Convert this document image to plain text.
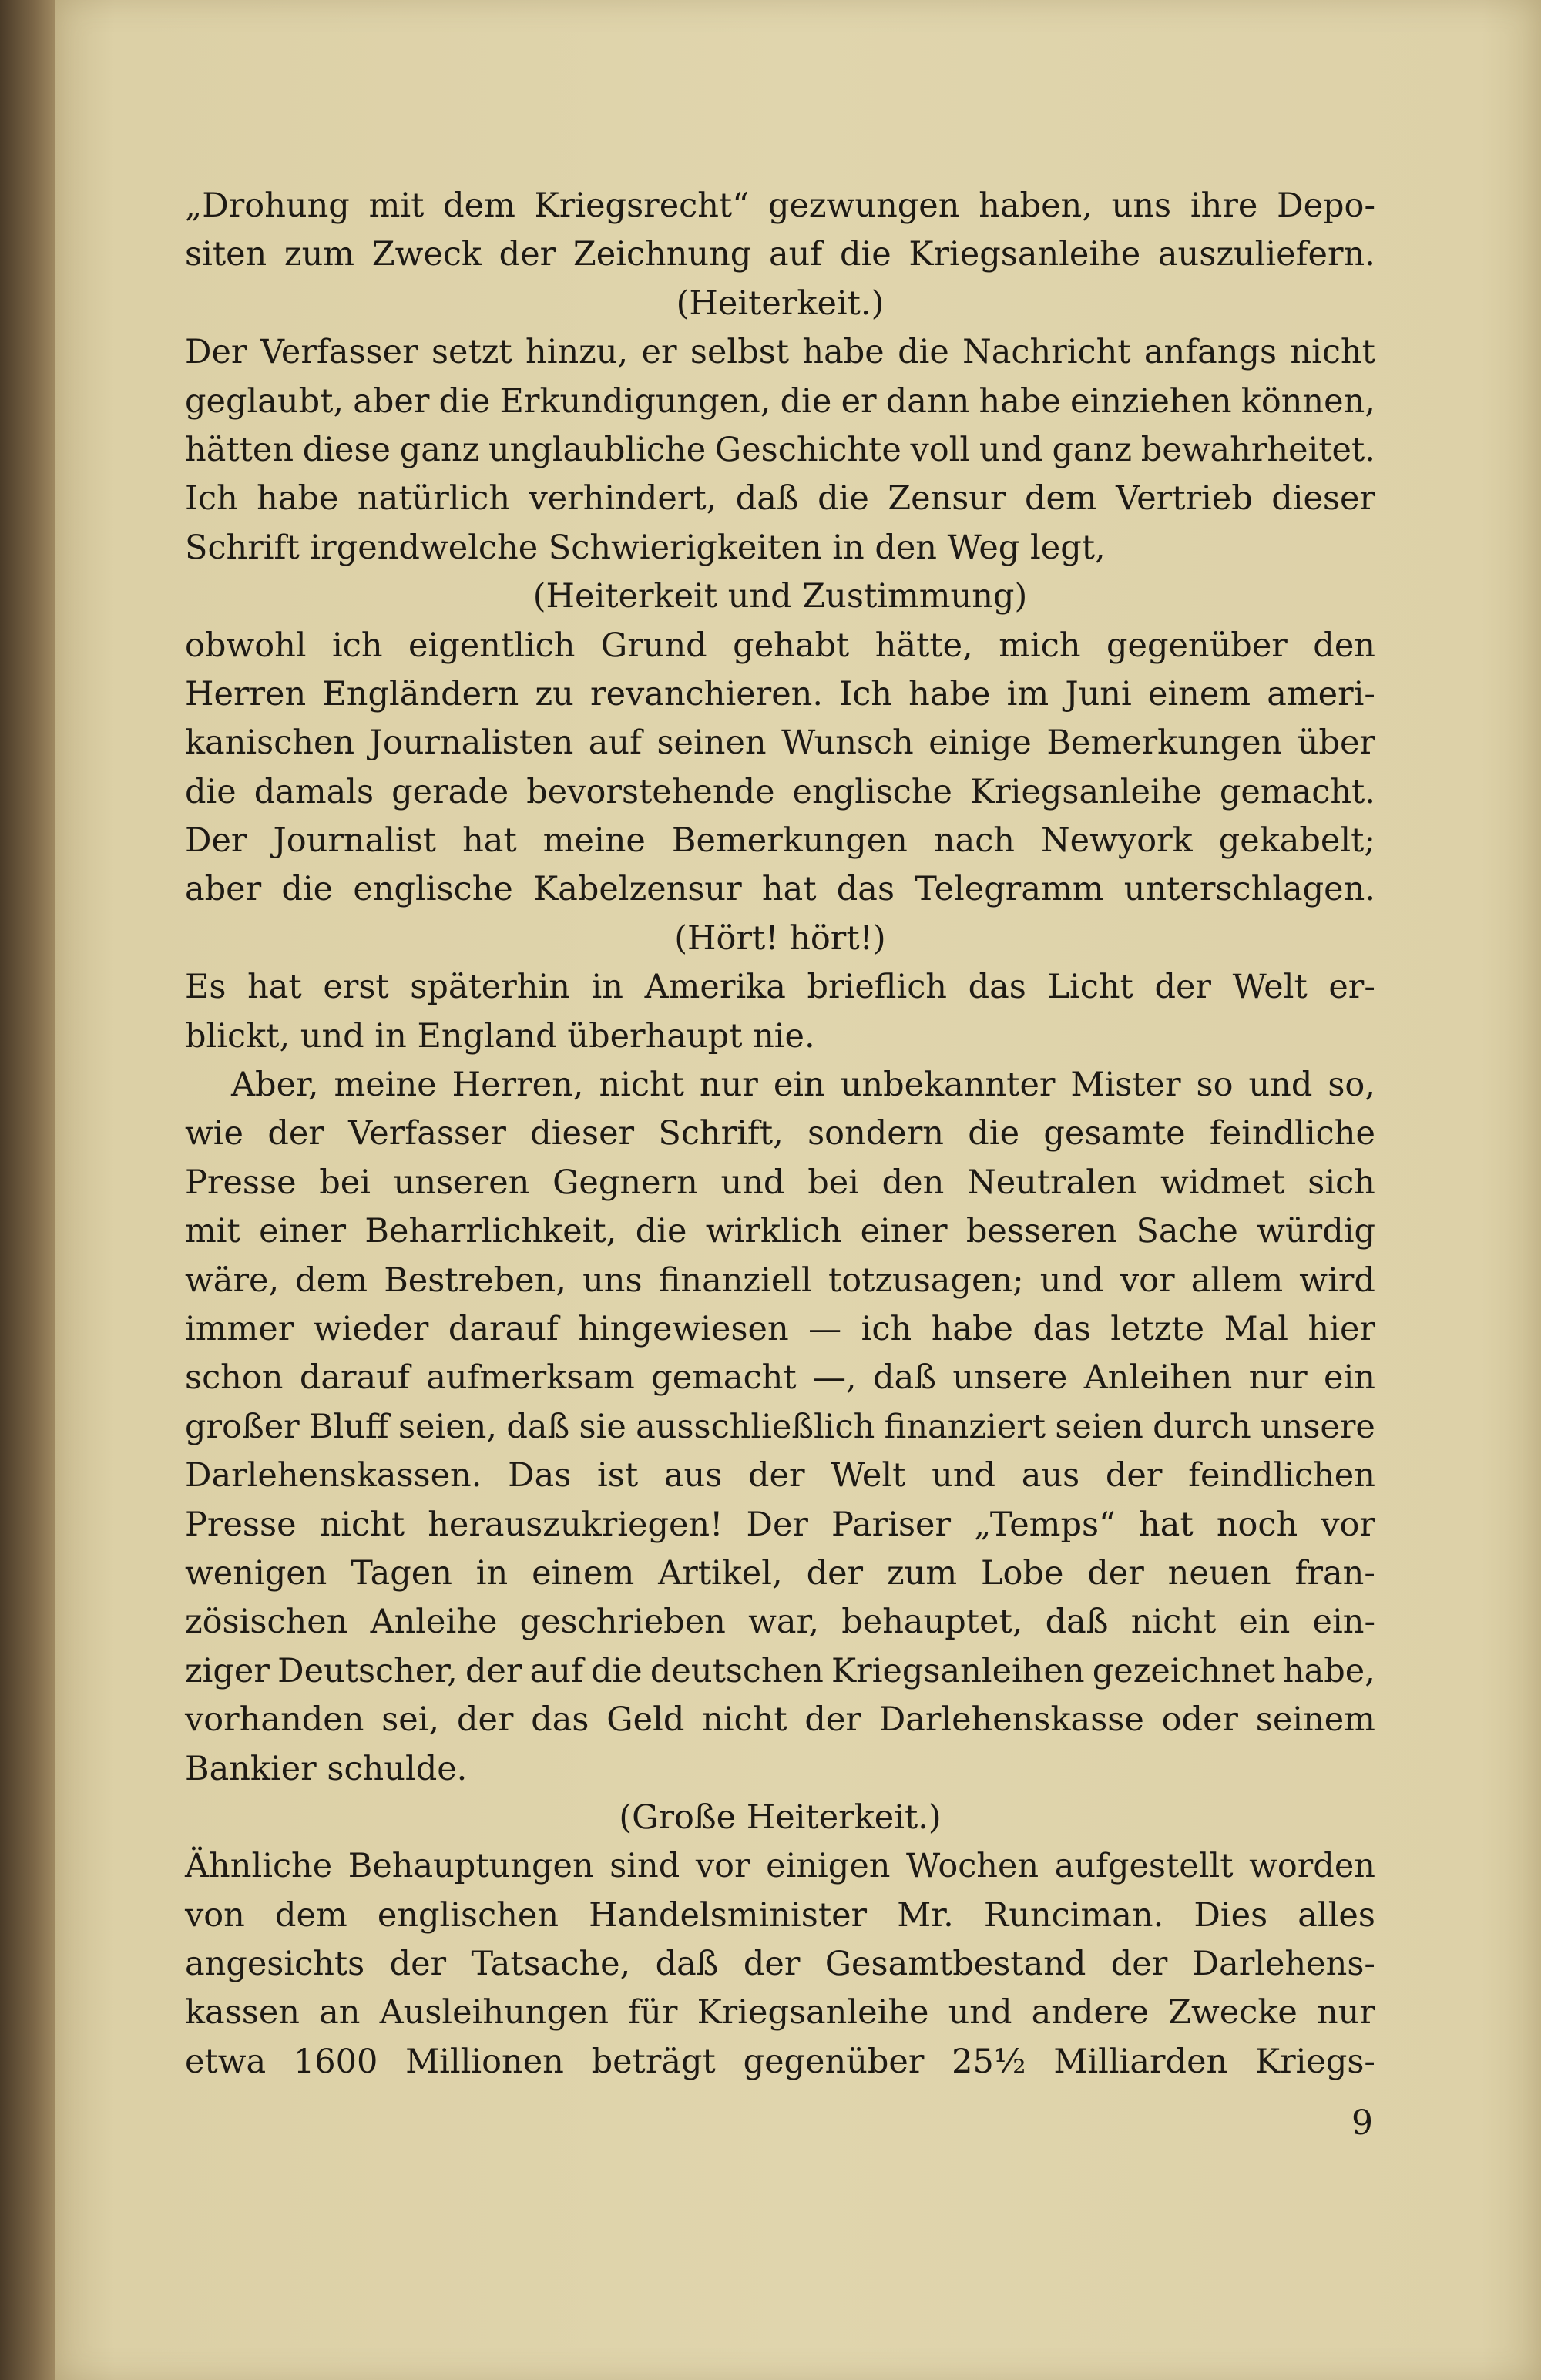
„Drohung mit dem Kriegsrecht“ gezwungen haben, uns ihre Depo-
siten zum Zweck der Zeichnung auf die Kriegsanleihe auszuliefern.
(Heiterkeit.)
Der Verfasser setzt hinzu, er selbst habe die Nachricht anfangs nicht
geglaubt, aber die Erkundigungen, die er dann habe einziehen können,
hätten diese ganz unglaubliche Geschichte voll und ganz bewahrheitet.
Ich habe natürlich verhindert, daß die Zensur dem Vertrieb dieser
Schrift irgendwelche Schwierigkeiten in den Weg legt,
(Heiterkeit und Zustimmung)
obwohl ich eigentlich Grund gehabt hätte, mich gegenüber den
Herren Engländern zu revanchieren. Ich habe im Juni einem ameri-
kanischen Journalisten auf seinen Wunsch einige Bemerkungen über
die damals gerade bevorstehende englische Kriegsanleihe gemacht.
Der Journalist hat meine Bemerkungen nach Newyork gekabelt;
aber die englische Kabelzensur hat das Telegramm unterschlagen.
(Hört! hört!)
Es hat erst späterhin in Amerika brieflich das Licht der Welt er-
blickt, und in England überhaupt nie.
Aber, meine Herren, nicht nur ein unbekannter Mister so und so,
wie der Verfasser dieser Schrift, sondern die gesamte feindliche
Presse bei unseren Gegnern und bei den Neutralen widmet sich
mit einer Beharrlichkeit, die wirklich einer besseren Sache würdig
wäre, dem Bestreben, uns finanziell totzusagen; und vor allem wird
immer wieder darauf hingewiesen — ich habe das letzte Mal hier
schon darauf aufmerksam gemacht —, daß unsere Anleihen nur ein
großer Bluff seien, daß sie ausschließlich finanziert seien durch unsere
Darlehenskassen. Das ist aus der Welt und aus der feindlichen
Presse nicht herauszukriegen! Der Pariser „Temps“ hat noch vor
wenigen Tagen in einem Artikel, der zum Lobe der neuen fran-
zösischen Anleihe geschrieben war, behauptet, daß nicht ein ein-
ziger Deutscher, der auf die deutschen Kriegsanleihen gezeichnet habe,
vorhanden sei, der das Geld nicht der Darlehenskasse oder seinem
Bankier schulde.
(Große Heiterkeit.)
Ähnliche Behauptungen sind vor einigen Wochen aufgestellt worden
von dem englischen Handelsminister Mr. Runciman. Dies alles
angesichts der Tatsache, daß der Gesamtbestand der Darlehens-
kassen an Ausleihungen für Kriegsanleihe und andere Zwecke nur
etwa 1600 Millionen beträgt gegenüber 25½ Milliarden Kriegs-
9
